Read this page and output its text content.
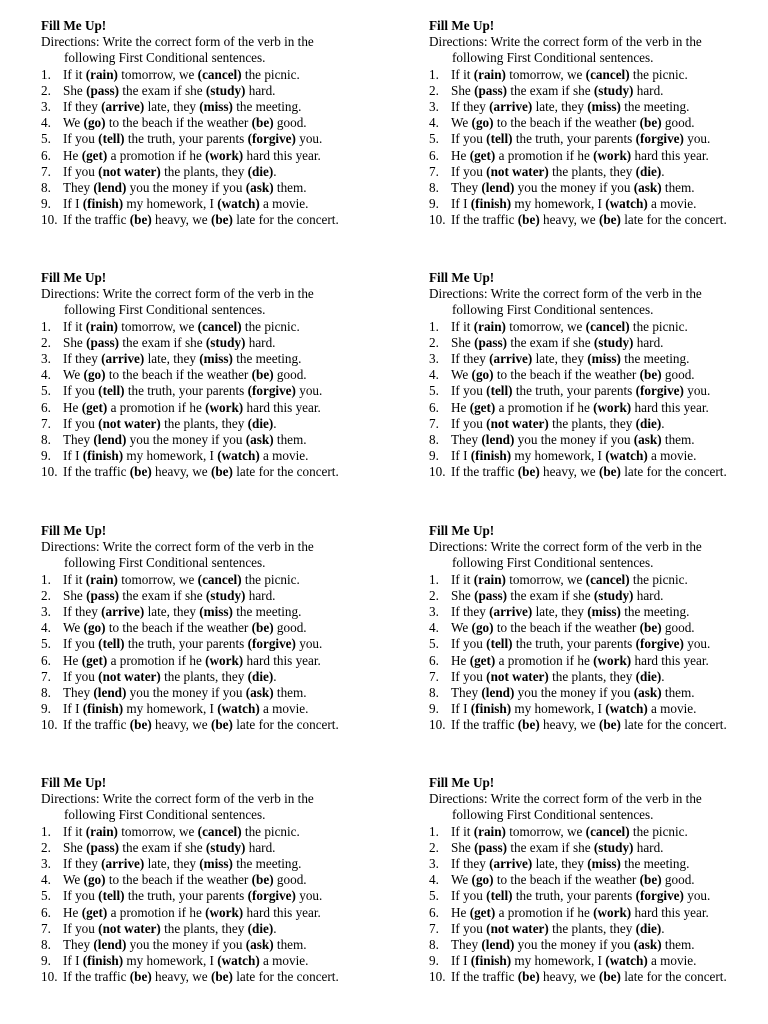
Fill Me Up!
Directions: Write the correct form of the verb in the
following First Conditional sentences.
1. If it (rain) tomorrow, we (cancel) the picnic.
2. She (pass) the exam if she (study) hard.
3. If they (arrive) late, they (miss) the meeting.
4. We (go) to the beach if the weather (be) good.
5. If you (tell) the truth, your parents (forgive) you.
6. He (get) a promotion if he (work) hard this year.
7. If you (not water) the plants, they (die).
8. They (lend) you the money if you (ask) them.
9. If I (finish) my homework, I (watch) a movie.
10. If the traffic (be) heavy, we (be) late for the concert.
Fill Me Up!
Directions: Write the correct form of the verb in the
following First Conditional sentences.
1. If it (rain) tomorrow, we (cancel) the picnic.
2. She (pass) the exam if she (study) hard.
3. If they (arrive) late, they (miss) the meeting.
4. We (go) to the beach if the weather (be) good.
5. If you (tell) the truth, your parents (forgive) you.
6. He (get) a promotion if he (work) hard this year.
7. If you (not water) the plants, they (die).
8. They (lend) you the money if you (ask) them.
9. If I (finish) my homework, I (watch) a movie.
10. If the traffic (be) heavy, we (be) late for the concert.
Fill Me Up!
Directions: Write the correct form of the verb in the
following First Conditional sentences.
1. If it (rain) tomorrow, we (cancel) the picnic.
2. She (pass) the exam if she (study) hard.
3. If they (arrive) late, they (miss) the meeting.
4. We (go) to the beach if the weather (be) good.
5. If you (tell) the truth, your parents (forgive) you.
6. He (get) a promotion if he (work) hard this year.
7. If you (not water) the plants, they (die).
8. They (lend) you the money if you (ask) them.
9. If I (finish) my homework, I (watch) a movie.
10. If the traffic (be) heavy, we (be) late for the concert.
Fill Me Up!
Directions: Write the correct form of the verb in the
following First Conditional sentences.
1. If it (rain) tomorrow, we (cancel) the picnic.
2. She (pass) the exam if she (study) hard.
3. If they (arrive) late, they (miss) the meeting.
4. We (go) to the beach if the weather (be) good.
5. If you (tell) the truth, your parents (forgive) you.
6. He (get) a promotion if he (work) hard this year.
7. If you (not water) the plants, they (die).
8. They (lend) you the money if you (ask) them.
9. If I (finish) my homework, I (watch) a movie.
10. If the traffic (be) heavy, we (be) late for the concert.
Fill Me Up!
Directions: Write the correct form of the verb in the
following First Conditional sentences.
1. If it (rain) tomorrow, we (cancel) the picnic.
2. She (pass) the exam if she (study) hard.
3. If they (arrive) late, they (miss) the meeting.
4. We (go) to the beach if the weather (be) good.
5. If you (tell) the truth, your parents (forgive) you.
6. He (get) a promotion if he (work) hard this year.
7. If you (not water) the plants, they (die).
8. They (lend) you the money if you (ask) them.
9. If I (finish) my homework, I (watch) a movie.
10. If the traffic (be) heavy, we (be) late for the concert.
Fill Me Up!
Directions: Write the correct form of the verb in the
following First Conditional sentences.
1. If it (rain) tomorrow, we (cancel) the picnic.
2. She (pass) the exam if she (study) hard.
3. If they (arrive) late, they (miss) the meeting.
4. We (go) to the beach if the weather (be) good.
5. If you (tell) the truth, your parents (forgive) you.
6. He (get) a promotion if he (work) hard this year.
7. If you (not water) the plants, they (die).
8. They (lend) you the money if you (ask) them.
9. If I (finish) my homework, I (watch) a movie.
10. If the traffic (be) heavy, we (be) late for the concert.
Fill Me Up!
Directions: Write the correct form of the verb in the
following First Conditional sentences.
1. If it (rain) tomorrow, we (cancel) the picnic.
2. She (pass) the exam if she (study) hard.
3. If they (arrive) late, they (miss) the meeting.
4. We (go) to the beach if the weather (be) good.
5. If you (tell) the truth, your parents (forgive) you.
6. He (get) a promotion if he (work) hard this year.
7. If you (not water) the plants, they (die).
8. They (lend) you the money if you (ask) them.
9. If I (finish) my homework, I (watch) a movie.
10. If the traffic (be) heavy, we (be) late for the concert.
Fill Me Up!
Directions: Write the correct form of the verb in the
following First Conditional sentences.
1. If it (rain) tomorrow, we (cancel) the picnic.
2. She (pass) the exam if she (study) hard.
3. If they (arrive) late, they (miss) the meeting.
4. We (go) to the beach if the weather (be) good.
5. If you (tell) the truth, your parents (forgive) you.
6. He (get) a promotion if he (work) hard this year.
7. If you (not water) the plants, they (die).
8. They (lend) you the money if you (ask) them.
9. If I (finish) my homework, I (watch) a movie.
10. If the traffic (be) heavy, we (be) late for the concert.
